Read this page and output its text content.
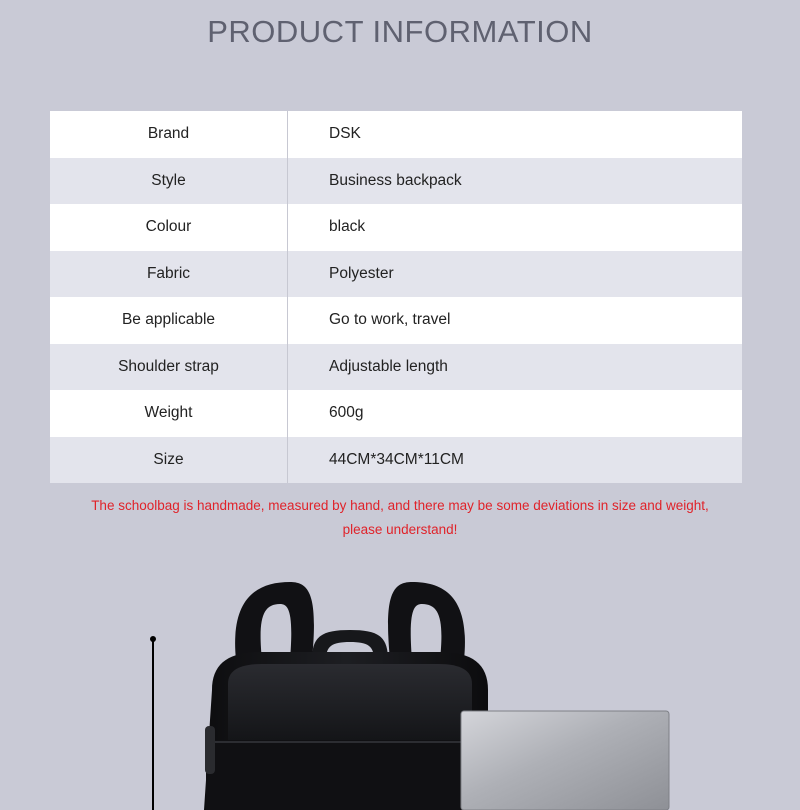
PRODUCT INFORMATION
Brand	DSK
Style	Business backpack
Colour	black
Fabric	Polyester
Be applicable	Go to work, travel
Shoulder strap	Adjustable length
Weight	600g
Size	44CM*34CM*11CM
The schoolbag is handmade, measured by hand, and there may be some deviations in size and weight,
please understand!
